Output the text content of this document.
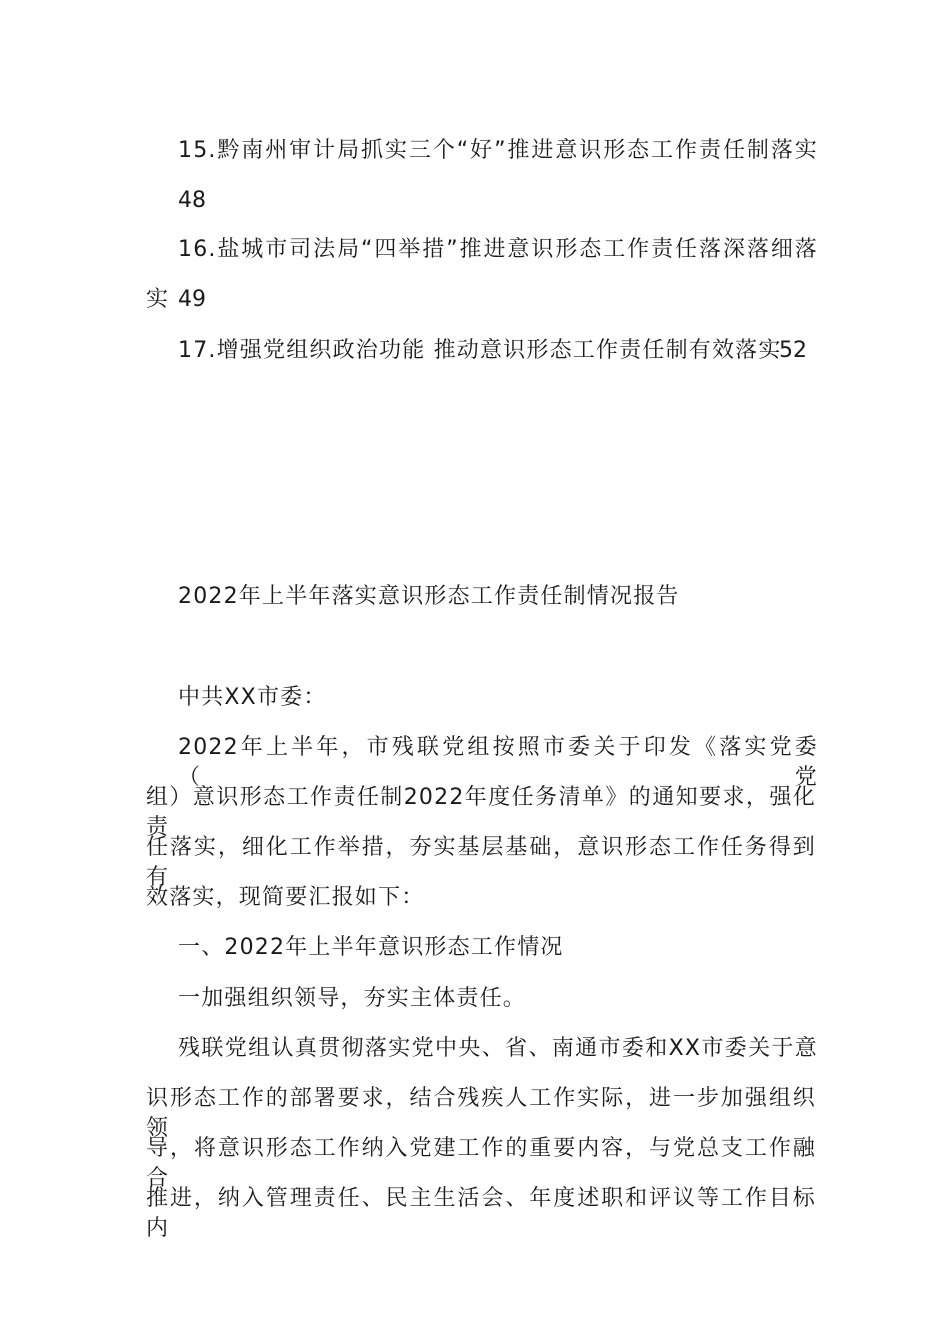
15.黔南州审计局抓实三个“好”推进意识形态工作责任制落实
48
16.盐城市司法局“四举措”推进意识形态工作责任落深落细落
实 49
17.增强党组织政治功能 推动意识形态工作责任制有效落实
52
2022年上半年落实意识形态工作责任制情况报告
中共XX市委：
2022年上半年，市残联党组按照市委关于印发《落实党委（党
组）意识形态工作责任制2022年度任务清单》的通知要求，强化责
任落实，细化工作举措，夯实基层基础，意识形态工作任务得到有
效落实，现简要汇报如下：
一、2022年上半年意识形态工作情况
一加强组织领导，夯实主体责任。
残联党组认真贯彻落实党中央、省、南通市委和XX市委关于意
识形态工作的部署要求，结合残疾人工作实际，进一步加强组织领
导，将意识形态工作纳入党建工作的重要内容，与党总支工作融合
推进，纳入管理责任、民主生活会、年度述职和评议等工作目标内
